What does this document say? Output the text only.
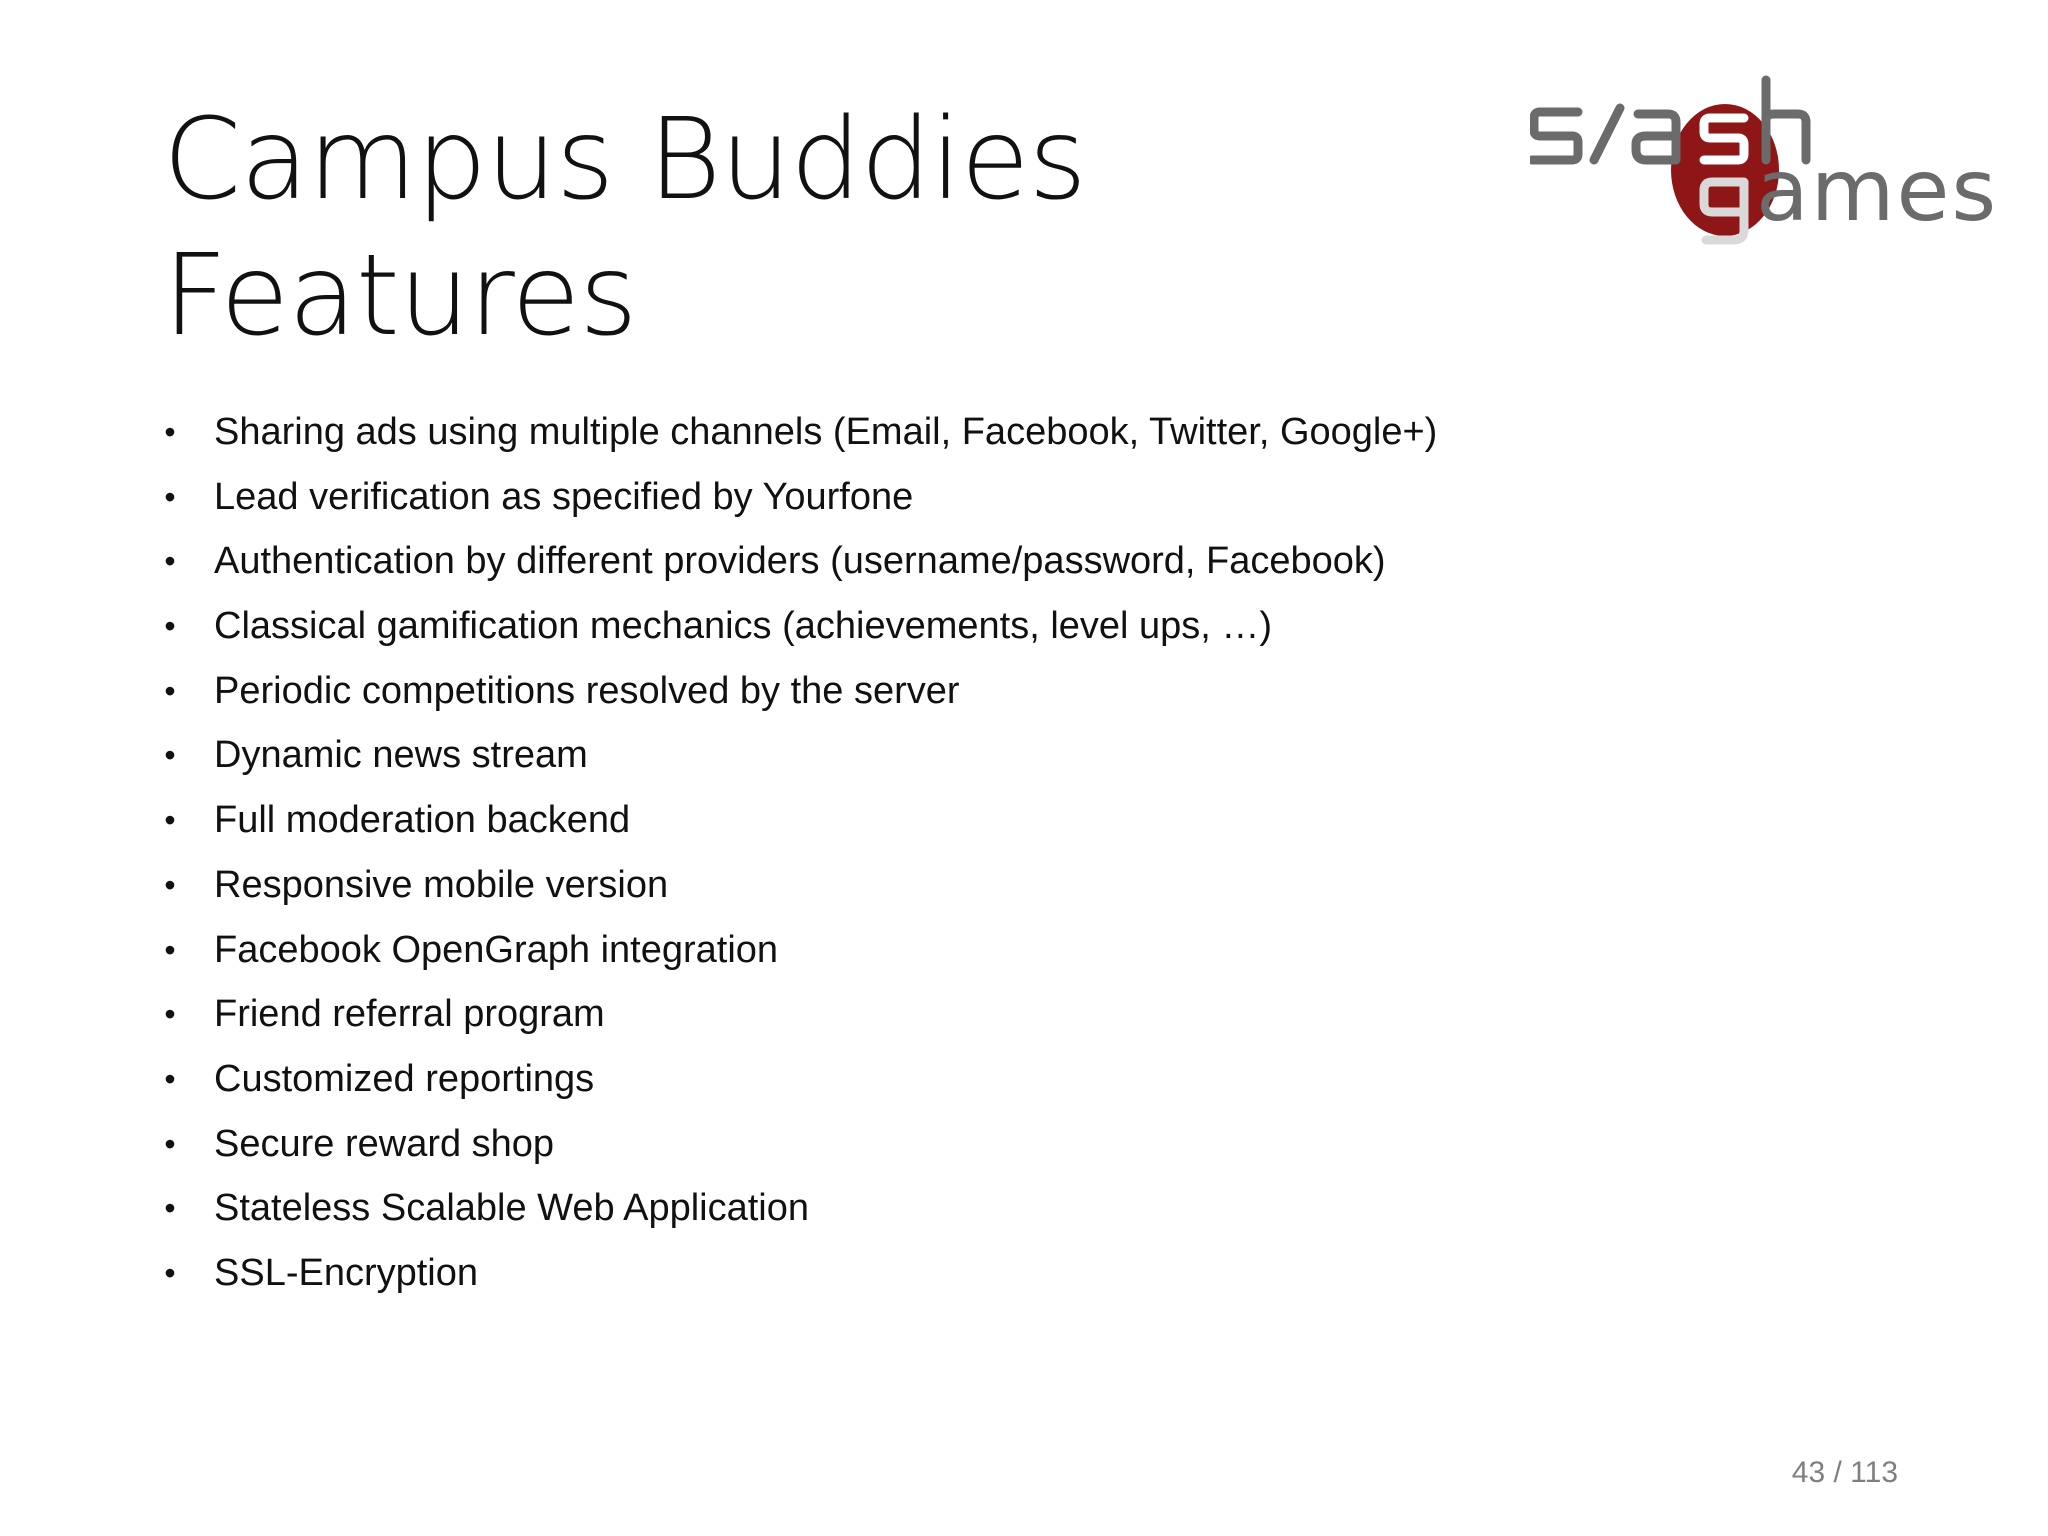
Campus Buddies
Features
ames
• Sharing ads using multiple channels (Email, Facebook, Twitter, Google+)
• Lead verification as specified by Yourfone
• Authentication by different providers (username/password, Facebook)
• Classical gamification mechanics (achievements, level ups, …)
• Periodic competitions resolved by the server
• Dynamic news stream
• Full moderation backend
• Responsive mobile version
• Facebook OpenGraph integration
• Friend referral program
• Customized reportings
• Secure reward shop
• Stateless Scalable Web Application
• SSL-Encryption
43 / 113
